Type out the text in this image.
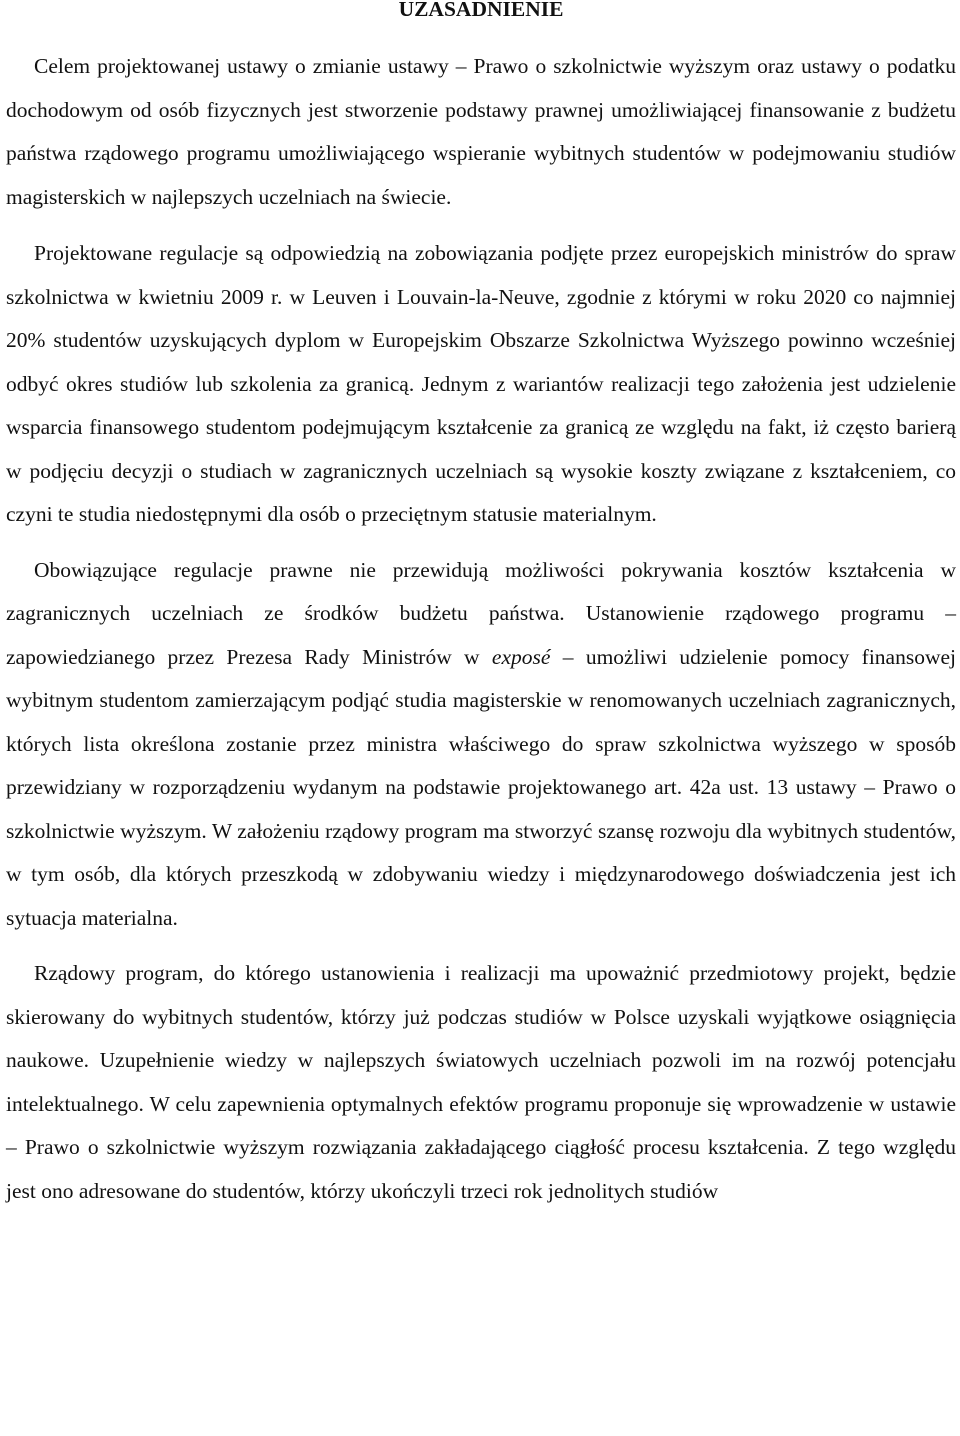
UZASADNIENIE

Celem projektowanej ustawy o zmianie ustawy – Prawo o szkolnictwie wyższym oraz ustawy o podatku dochodowym od osób fizycznych jest stworzenie podstawy prawnej umożliwiającej finansowanie z budżetu państwa rządowego programu umożliwiającego wspieranie wybitnych studentów w podejmowaniu studiów magisterskich w najlepszych uczelniach na świecie.

Projektowane regulacje są odpowiedzią na zobowiązania podjęte przez europejskich ministrów do spraw szkolnictwa w kwietniu 2009 r. w Leuven i Louvain-la-Neuve, zgodnie z którymi w roku 2020 co najmniej 20% studentów uzyskujących dyplom w Europejskim Obszarze Szkolnictwa Wyższego powinno wcześniej odbyć okres studiów lub szkolenia za granicą. Jednym z wariantów realizacji tego założenia jest udzielenie wsparcia finansowego studentom podejmującym kształcenie za granicą ze względu na fakt, iż często barierą w podjęciu decyzji o studiach w zagranicznych uczelniach są wysokie koszty związane z kształceniem, co czyni te studia niedostępnymi dla osób o przeciętnym statusie materialnym.

Obowiązujące regulacje prawne nie przewidują możliwości pokrywania kosztów kształcenia w zagranicznych uczelniach ze środków budżetu państwa. Ustanowienie rządowego programu – zapowiedzianego przez Prezesa Rady Ministrów w exposé – umożliwi udzielenie pomocy finansowej wybitnym studentom zamierzającym podjąć studia magisterskie w renomowanych uczelniach zagranicznych, których lista określona zostanie przez ministra właściwego do spraw szkolnictwa wyższego w sposób przewidziany w rozporządzeniu wydanym na podstawie projektowanego art. 42a ust. 13 ustawy – Prawo o szkolnictwie wyższym. W założeniu rządowy program ma stworzyć szansę rozwoju dla wybitnych studentów, w tym osób, dla których przeszkodą w zdobywaniu wiedzy i międzynarodowego doświadczenia jest ich sytuacja materialna.

Rządowy program, do którego ustanowienia i realizacji ma upoważnić przedmiotowy projekt, będzie skierowany do wybitnych studentów, którzy już podczas studiów w Polsce uzyskali wyjątkowe osiągnięcia naukowe. Uzupełnienie wiedzy w najlepszych światowych uczelniach pozwoli im na rozwój potencjału intelektualnego. W celu zapewnienia optymalnych efektów programu proponuje się wprowadzenie w ustawie – Prawo o szkolnictwie wyższym rozwiązania zakładającego ciągłość procesu kształcenia. Z tego względu jest ono adresowane do studentów, którzy ukończyli trzeci rok jednolitych studiów
